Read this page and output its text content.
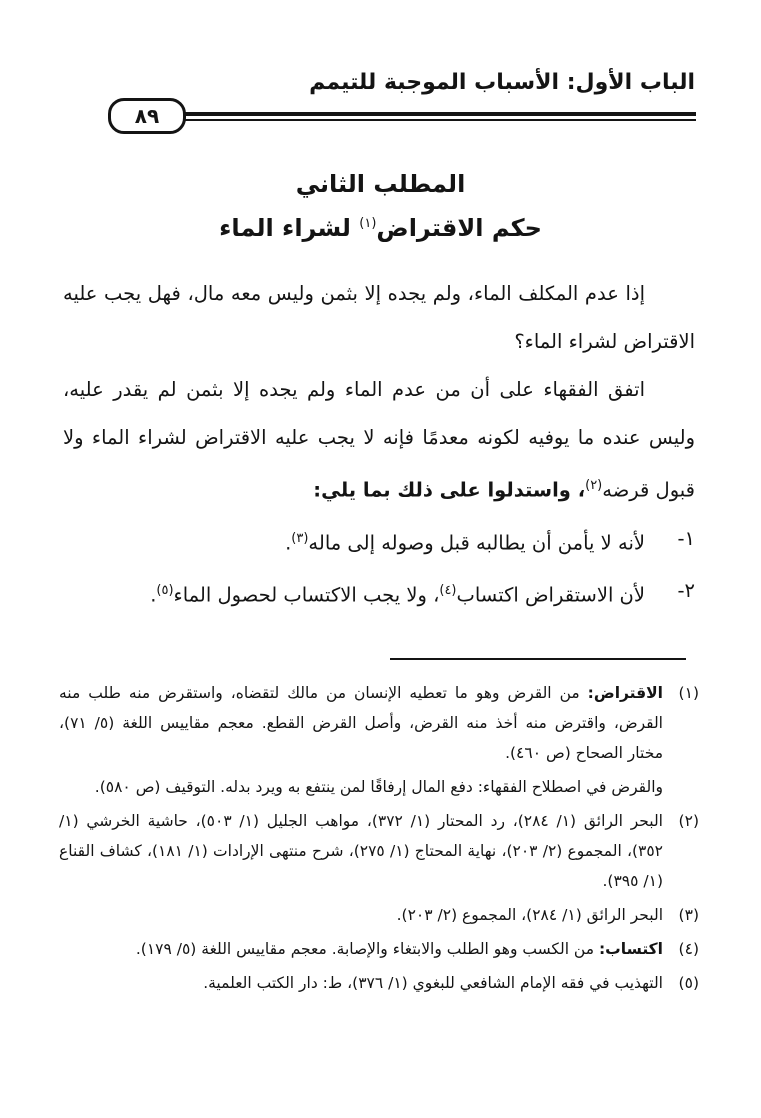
الباب الأول: الأسباب الموجبة للتيمم
٨٩
المطلب الثاني
حكم الاقتراض$^{(١)}$ لشراء الماء

إذا عدم المكلف الماء، ولم يجده إلا بثمن وليس معه مال، فهل يجب عليه الاقتراض لشراء الماء؟

اتفق الفقهاء على أن من عدم الماء ولم يجده إلا بثمن لم يقدر عليه، وليس عنده ما يوفيه لكونه معدمًا فإنه لا يجب عليه الاقتراض لشراء الماء ولا قبول قرضه$^{(٢)}$، واستدلوا على ذلك بما يلي:

١-
لأنه لا يأمن أن يطالبه قبل وصوله إلى ماله$^{(٣)}$.

٢-
لأن الاستقراض اكتساب$^{(٤)}$، ولا يجب الاكتساب لحصول الماء$^{(٥)}$.

(١)
الاقتراض: من القرض وهو ما تعطيه الإنسان من مالك لتقضاه، واستقرض منه طلب منه القرض، واقترض منه أخذ منه القرض، وأصل القرض القطع. معجم مقاييس اللغة (٥/ ٧١)، مختار الصحاح (ص ٤٦٠).

والقرض في اصطلاح الفقهاء: دفع المال إرفاقًا لمن ينتفع به ويرد بدله. التوقيف (ص ٥٨٠).

(٢)
البحر الرائق (١/ ٢٨٤)، رد المحتار (١/ ٣٧٢)، مواهب الجليل (١/ ٥٠٣)، حاشية الخرشي (١/ ٣٥٢)، المجموع (٢/ ٢٠٣)، نهاية المحتاج (١/ ٢٧٥)، شرح منتهى الإرادات (١/ ١٨١)، كشاف القناع (١/ ٣٩٥).

(٣)
البحر الرائق (١/ ٢٨٤)، المجموع (٢/ ٢٠٣).

(٤)
اكتساب: من الكسب وهو الطلب والابتغاء والإصابة. معجم مقاييس اللغة (٥/ ١٧٩).

(٥)
التهذيب في فقه الإمام الشافعي للبغوي (١/ ٣٧٦)، ط: دار الكتب العلمية.
